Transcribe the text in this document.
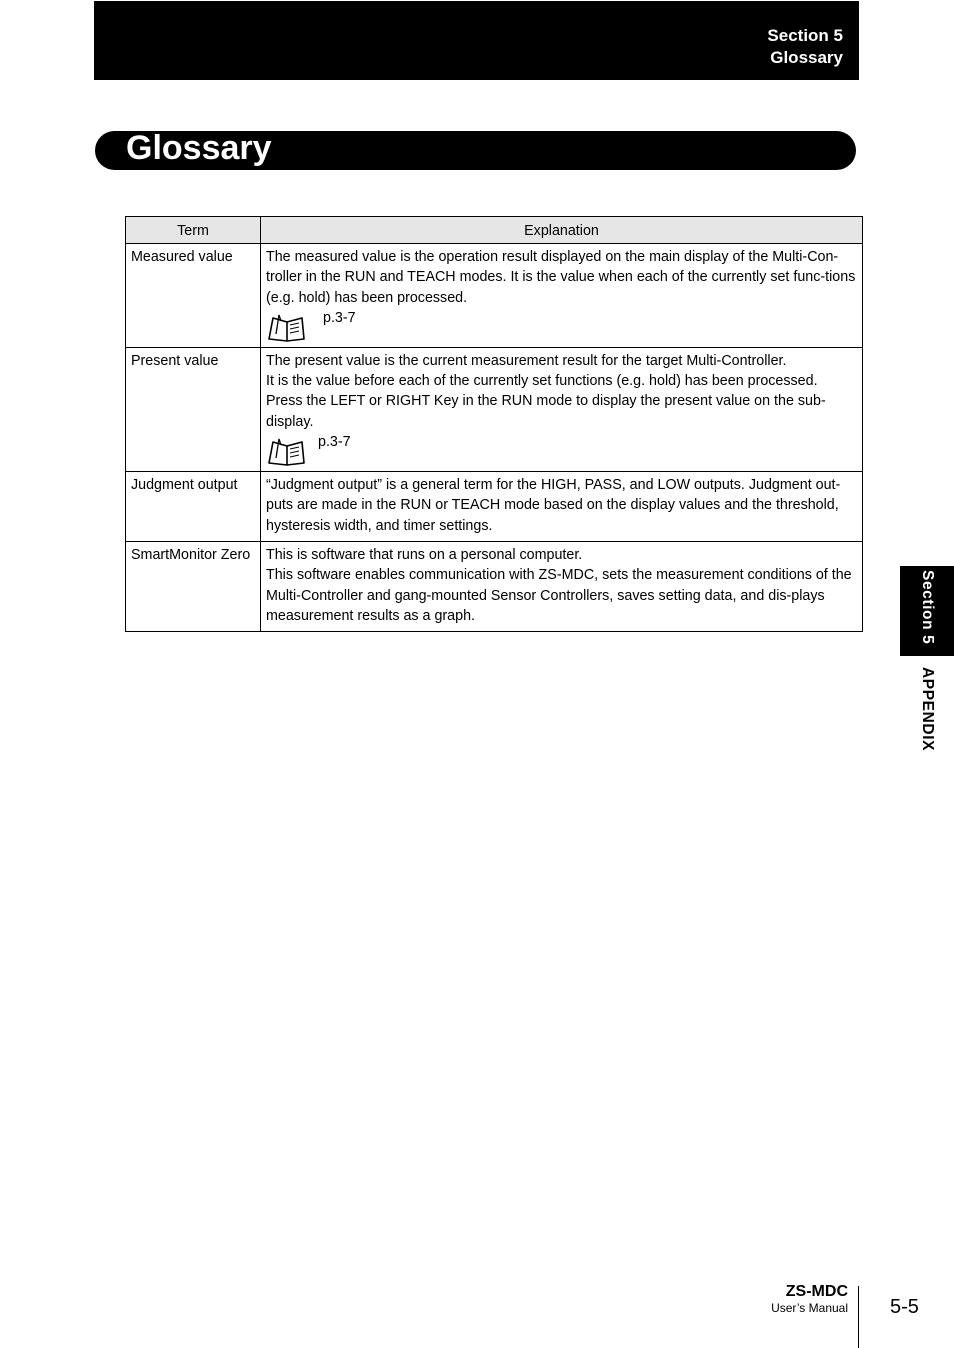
Section 5
Glossary
Glossary
Term	Explanation
Measured value	The measured value is the operation result displayed on the main display of the Multi-Con-troller in the RUN and TEACH modes. It is the value when each of the currently set func-tions (e.g. hold) has been processed.

p.3-7

Present value	The present value is the current measurement result for the target Multi-Controller.

It is the value before each of the currently set functions (e.g. hold) has been processed.

Press the LEFT or RIGHT Key in the RUN mode to display the present value on the sub-display.

p.3-7

Judgment output	“Judgment output” is a general term for the HIGH, PASS, and LOW outputs. Judgment out-puts are made in the RUN or TEACH mode based on the display values and the threshold, hysteresis width, and timer settings.

SmartMonitor Zero	This is software that runs on a personal computer.

This software enables communication with ZS-MDC, sets the measurement conditions of the Multi-Controller and gang-mounted Sensor Controllers, saves setting data, and dis-plays measurement results as a graph.	Section 5 APPENDIX
ZS-MDC
User’s Manual 5-5
